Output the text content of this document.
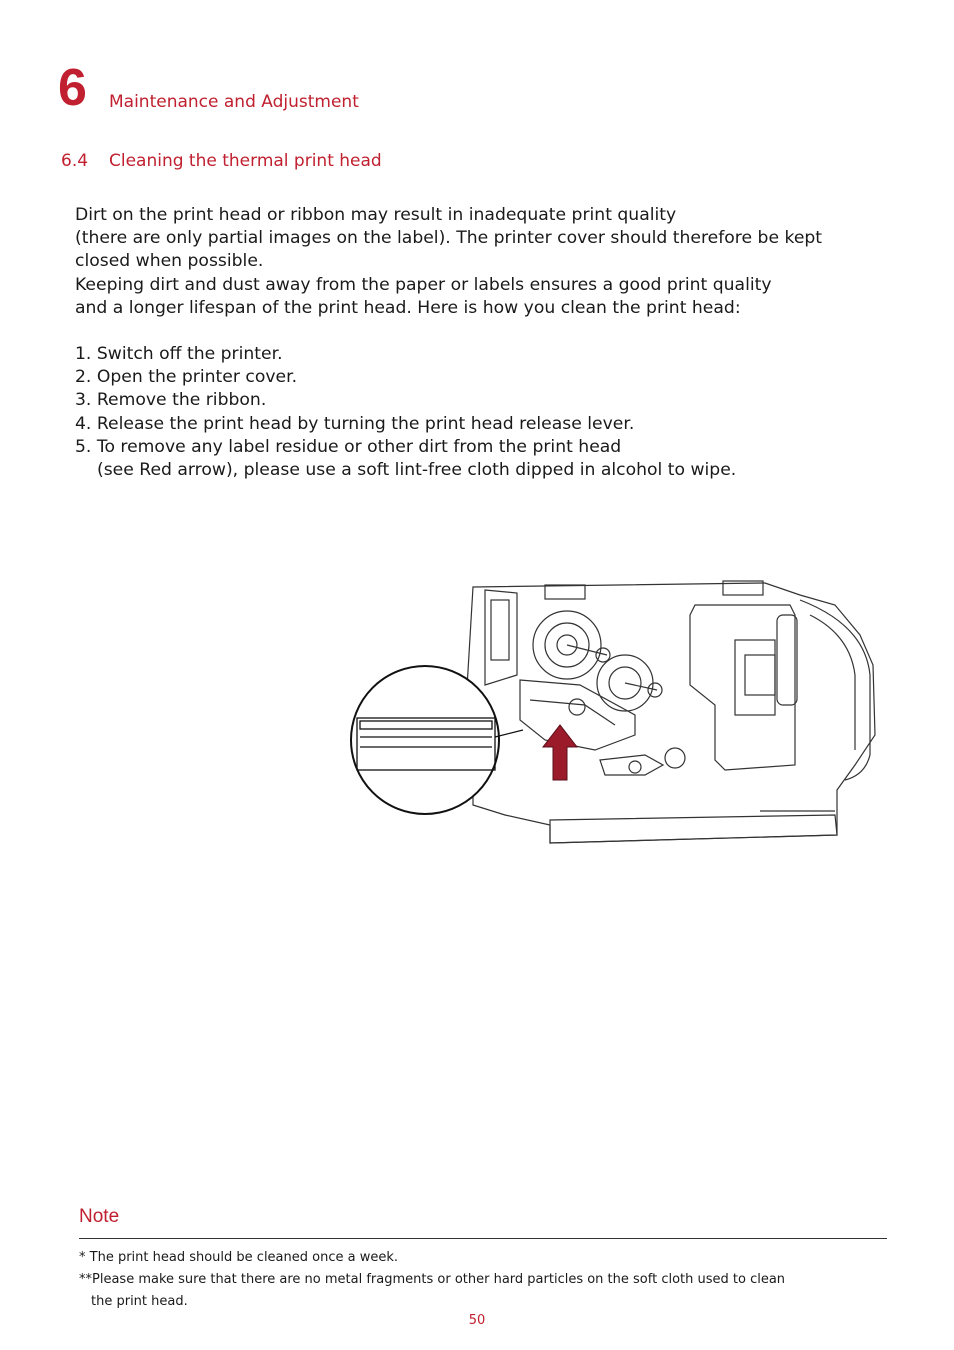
6 Maintenance and Adjustment
6.4 Cleaning the thermal print head

Dirt on the print head or ribbon may result in inadequate print quality

(there are only partial images on the label). The printer cover should therefore be kept

closed when possible.

Keeping dirt and dust away from the paper or labels ensures a good print quality

and a longer lifespan of the print head. Here is how you clean the print head:

1. Switch off the printer.
2. Open the printer cover.
3. Remove the ribbon.
4. Release the print head by turning the print head release lever.
5. To remove any label residue or other dirt from the print head
(see Red arrow), please use a soft lint-free cloth dipped in alcohol to wipe.
Note
* The print head should be cleaned once a week.
**Please make sure that there are no metal fragments or other hard particles on the soft cloth used to clean
the print head.
50
